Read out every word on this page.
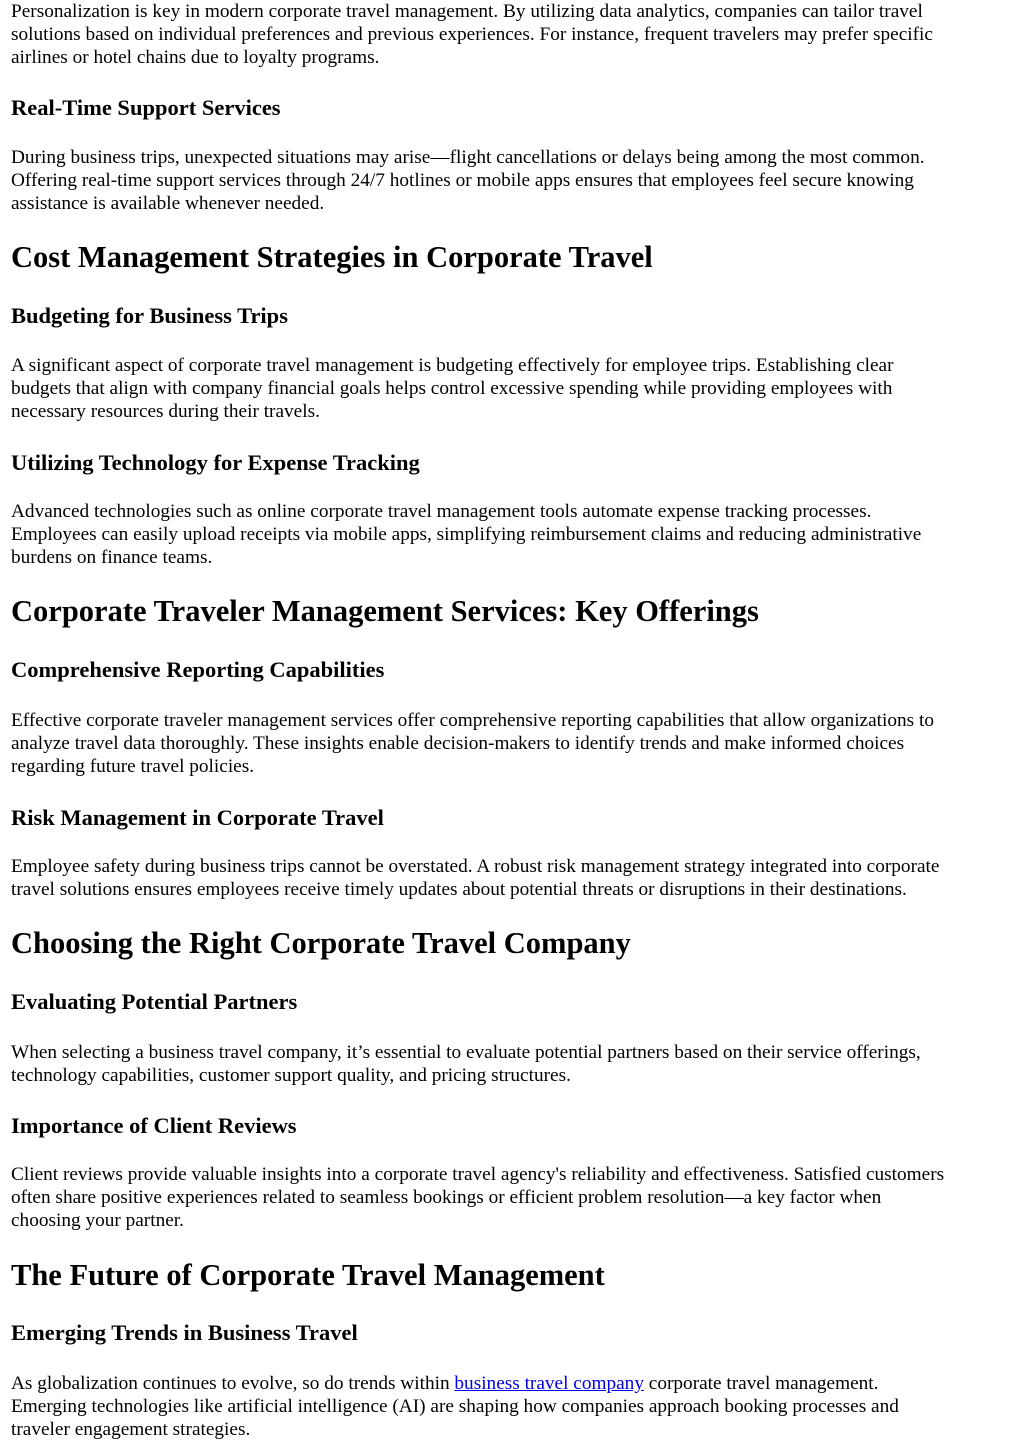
Personalization is key in modern corporate travel management. By utilizing data analytics, companies can tailor travel

solutions based on individual preferences and previous experiences. For instance, frequent travelers may prefer specific

airlines or hotel chains due to loyalty programs.

Real-Time Support Services

During business trips, unexpected situations may arise—flight cancellations or delays being among the most common.

Offering real-time support services through 24/7 hotlines or mobile apps ensures that employees feel secure knowing

assistance is available whenever needed.

Cost Management Strategies in Corporate Travel
Budgeting for Business Trips

A significant aspect of corporate travel management is budgeting effectively for employee trips. Establishing clear

budgets that align with company financial goals helps control excessive spending while providing employees with

necessary resources during their travels.

Utilizing Technology for Expense Tracking

Advanced technologies such as online corporate travel management tools automate expense tracking processes.

Employees can easily upload receipts via mobile apps, simplifying reimbursement claims and reducing administrative

burdens on finance teams.

Corporate Traveler Management Services: Key Offerings
Comprehensive Reporting Capabilities

Effective corporate traveler management services offer comprehensive reporting capabilities that allow organizations to

analyze travel data thoroughly. These insights enable decision-makers to identify trends and make informed choices

regarding future travel policies.

Risk Management in Corporate Travel

Employee safety during business trips cannot be overstated. A robust risk management strategy integrated into corporate

travel solutions ensures employees receive timely updates about potential threats or disruptions in their destinations.

Choosing the Right Corporate Travel Company
Evaluating Potential Partners

When selecting a business travel company, it’s essential to evaluate potential partners based on their service offerings,

technology capabilities, customer support quality, and pricing structures.

Importance of Client Reviews

Client reviews provide valuable insights into a corporate travel agency's reliability and effectiveness. Satisfied customers

often share positive experiences related to seamless bookings or efficient problem resolution—a key factor when

choosing your partner.

The Future of Corporate Travel Management
Emerging Trends in Business Travel

As globalization continues to evolve, so do trends within business travel company corporate travel management.

Emerging technologies like artificial intelligence (AI) are shaping how companies approach booking processes and

traveler engagement strategies.
